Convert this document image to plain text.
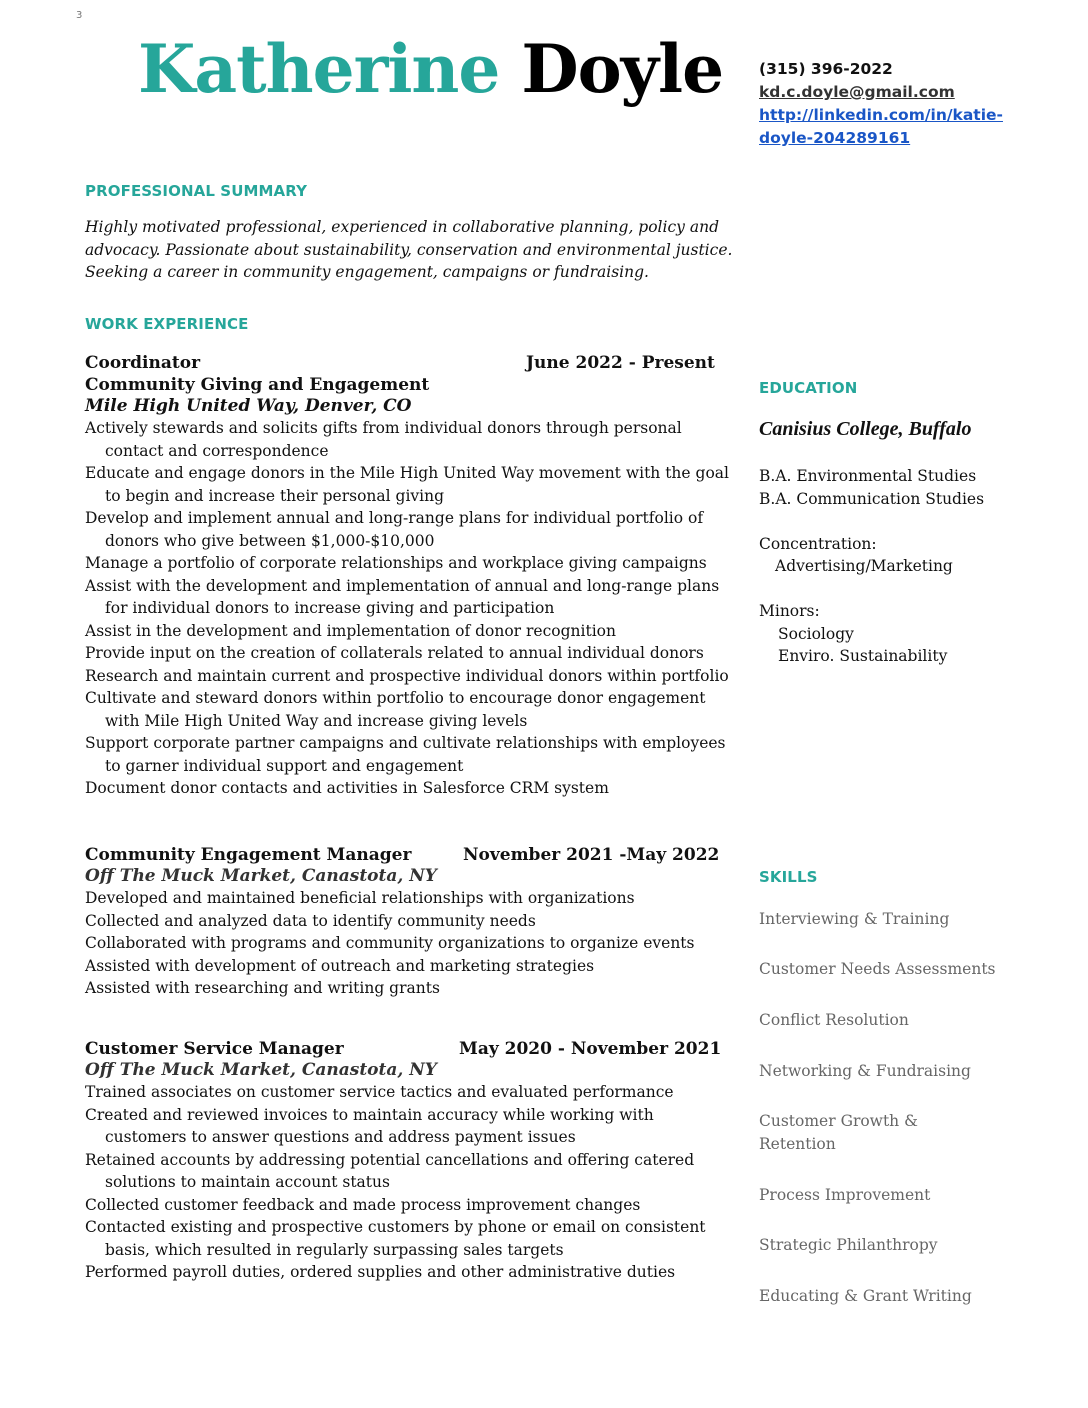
3
Katherine Doyle (315) 396-2022
kd.c.doyle@gmail.com
http://linkedin.com/in/katie-
doyle-204289161
PROFESSIONAL SUMMARY
Highly motivated professional, experienced in collaborative planning, policy and
advocacy. Passionate about sustainability, conservation and environmental justice.
Seeking a career in community engagement, campaigns or fundraising.
WORK EXPERIENCE
Coordinator	June 2022 - Present
Community Giving and Engagement
Mile High United Way, Denver, CO
Actively stewards and solicits gifts from individual donors through personal contact and correspondence
Educate and engage donors in the Mile High United Way movement with the goal to begin and increase their personal giving
Develop and implement annual and long-range plans for individual portfolio of donors who give between $1,000-$10,000
Manage a portfolio of corporate relationships and workplace giving campaigns
Assist with the development and implementation of annual and long-range plans for individual donors to increase giving and participation
Assist in the development and implementation of donor recognition
Provide input on the creation of collaterals related to annual individual donors
Research and maintain current and prospective individual donors within portfolio
Cultivate and steward donors within portfolio to encourage donor engagement with Mile High United Way and increase giving levels
Support corporate partner campaigns and cultivate relationships with employees to garner individual support and engagement
Document donor contacts and activities in Salesforce CRM system
Community Engagement Manager	November 2021 -May 2022
Off The Muck Market, Canastota, NY
Developed and maintained beneficial relationships with organizations
Collected and analyzed data to identify community needs
Collaborated with programs and community organizations to organize events
Assisted with development of outreach and marketing strategies
Assisted with researching and writing grants
Customer Service Manager	May 2020 - November 2021
Off The Muck Market, Canastota, NY
Trained associates on customer service tactics and evaluated performance
Created and reviewed invoices to maintain accuracy while working with customers to answer questions and address payment issues
Retained accounts by addressing potential cancellations and offering catered solutions to maintain account status
Collected customer feedback and made process improvement changes
Contacted existing and prospective customers by phone or email on consistent basis, which resulted in regularly surpassing sales targets
Performed payroll duties, ordered supplies and other administrative duties
EDUCATION
Canisius College, Buffalo
B.A. Environmental Studies
B.A. Communication Studies
Concentration:
Advertising/Marketing
Minors:
Sociology
Enviro. Sustainability
SKILLS
Interviewing & Training
Customer Needs Assessments
Conflict Resolution
Networking & Fundraising
Customer Growth & Retention
Process Improvement
Strategic Philanthropy
Educating & Grant Writing
